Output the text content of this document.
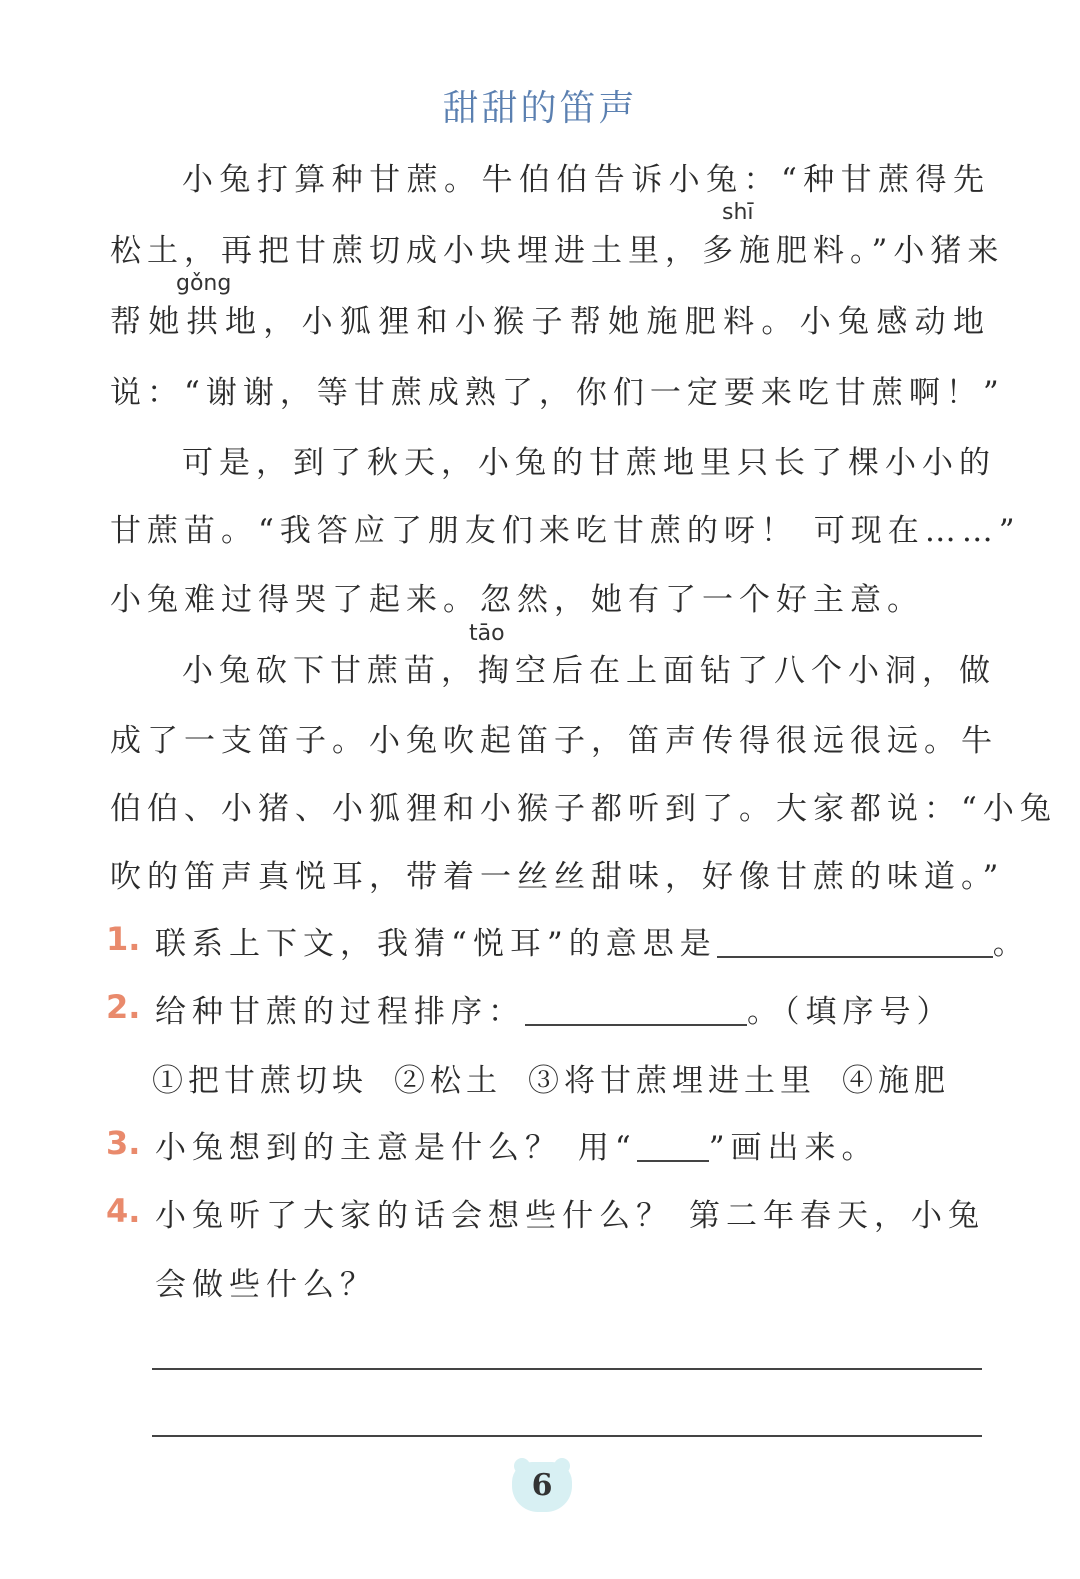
甜甜的笛声
shī
gǒng
tāo
小兔打算种甘蔗。牛伯伯告诉小兔：“种甘蔗得先
松土，再把甘蔗切成小块埋进土里，多施肥料。”小猪来
帮她拱地，小狐狸和小猴子帮她施肥料。小兔感动地
说：“谢谢，等甘蔗成熟了，你们一定要来吃甘蔗啊！”
可是，到了秋天，小兔的甘蔗地里只长了棵小小的
甘蔗苗。“我答应了朋友们来吃甘蔗的呀！ 可现在……”
小兔难过得哭了起来。忽然，她有了一个好主意。
小兔砍下甘蔗苗，掏空后在上面钻了八个小洞，做
成了一支笛子。小兔吹起笛子，笛声传得很远很远。牛
伯伯、小猪、小狐狸和小猴子都听到了。大家都说：“小兔
吹的笛声真悦耳，带着一丝丝甜味，好像甘蔗的味道。”
1. 联系上下文，我猜“悦耳”的意思是	。
2. 给种甘蔗的过程排序：	。（填序号）
①把甘蔗切块 ②松土 ③将甘蔗埋进土里 ④施肥
3. 小兔想到的主意是什么？ 用“ ”画出来。
4. 小兔听了大家的话会想些什么？ 第二年春天，小兔
会做些什么？
6
